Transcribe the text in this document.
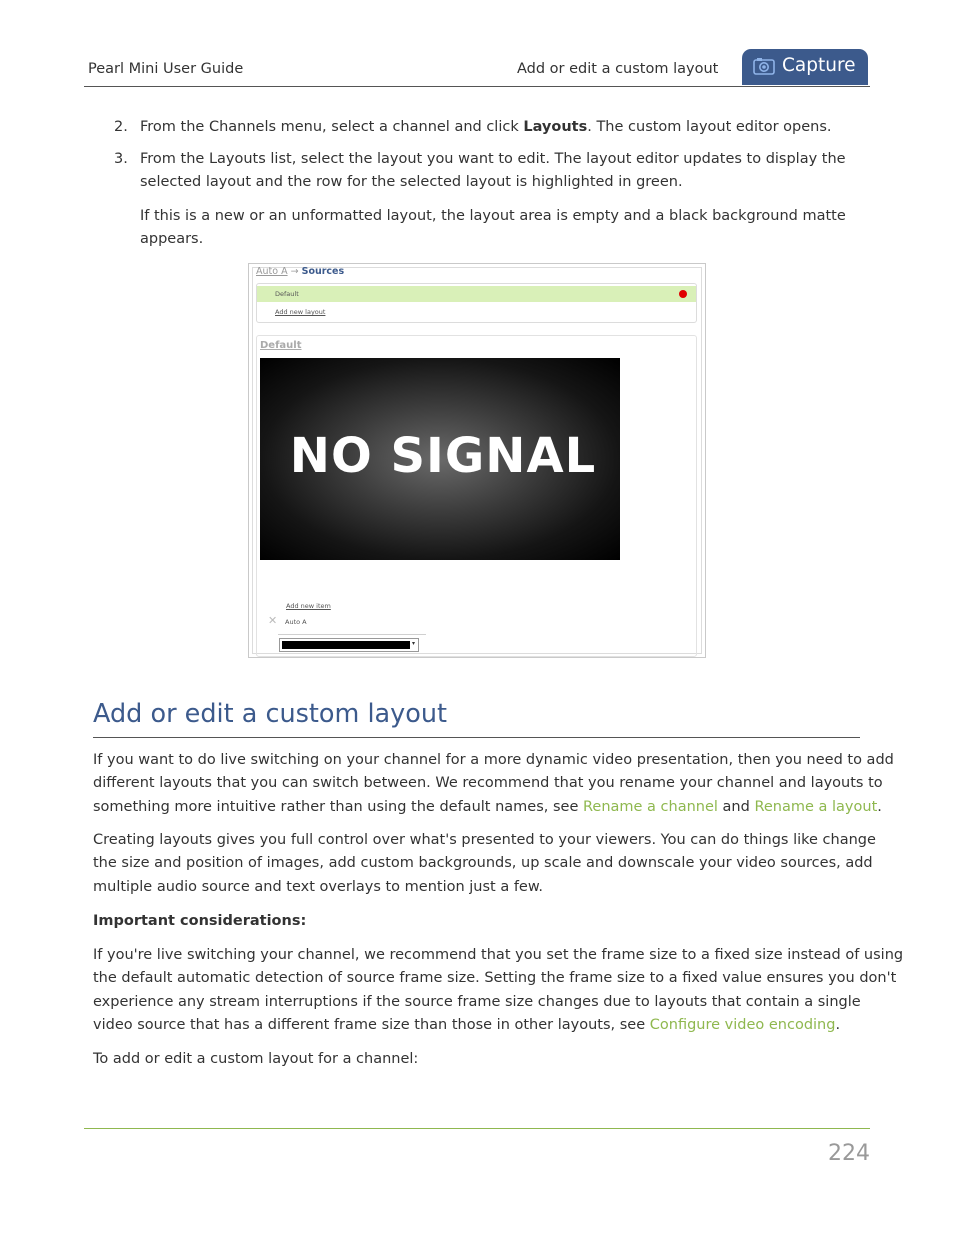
Pearl Mini User Guide	Add or edit a custom layout	Capture
2. From the Channels menu, select a channel and click Layouts. The custom layout editor opens.
3. From the Layouts list, select the layout you want to edit. The layout editor updates to display the
selected layout and the row for the selected layout is highlighted in green.
If this is a new or an unformatted layout, the layout area is empty and a black background matte
appears.
Auto A → Sources
Default
Add new layout
Default
NO SIGNAL
Add new item
✕ Auto A
▾
Add or edit a custom layout
If you want to do live switching on your channel for a more dynamic video presentation, then you need to add
different layouts that you can switch between. We recommend that you rename your channel and layouts to
something more intuitive rather than using the default names, see Rename a channel and Rename a layout.
Creating layouts gives you full control over what's presented to your viewers. You can do things like change
the size and position of images, add custom backgrounds, up scale and downscale your video sources, add
multiple audio source and text overlays to mention just a few.
Important considerations:
If you're live switching your channel, we recommend that you set the frame size to a fixed size instead of using
the default automatic detection of source frame size. Setting the frame size to a fixed value ensures you don't
experience any stream interruptions if the source frame size changes due to layouts that contain a single
video source that has a different frame size than those in other layouts, see Configure video encoding.
To add or edit a custom layout for a channel:
224
